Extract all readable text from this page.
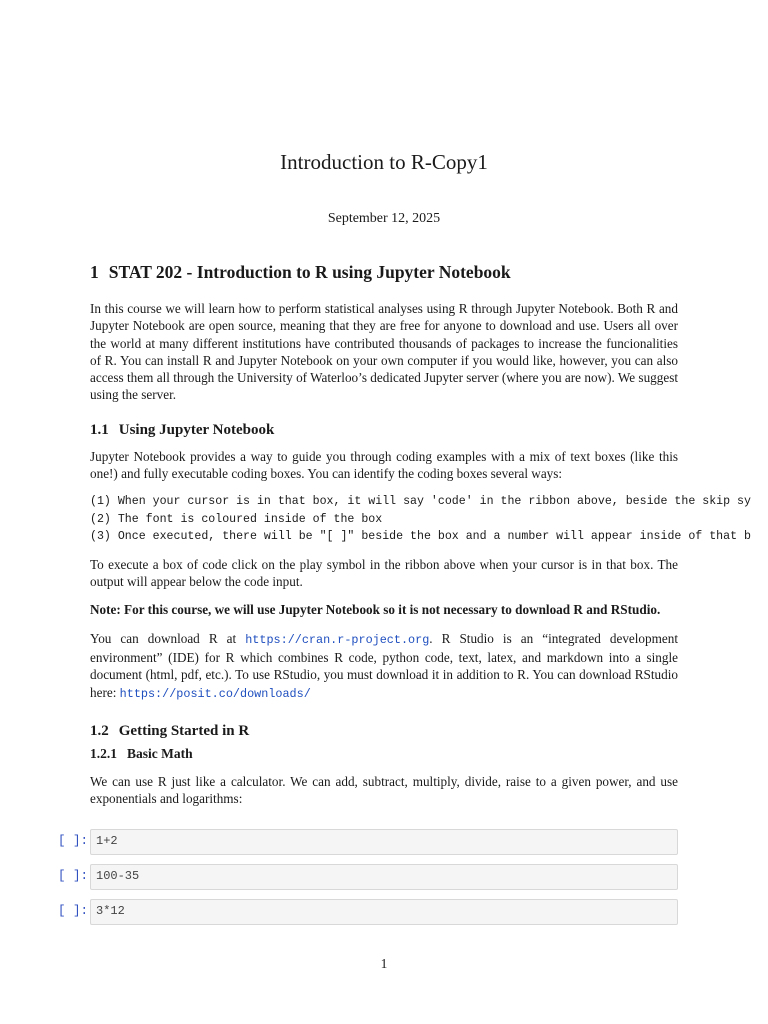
Introduction to R-Copy1
September 12, 2025
1 STAT 202 - Introduction to R using Jupyter Notebook

In this course we will learn how to perform statistical analyses using R through Jupyter Notebook. Both R and Jupyter Notebook are open source, meaning that they are free for anyone to download and use. Users all over the world at many different institutions have contributed thousands of packages to increase the funcionalities of R. You can install R and Jupyter Notebook on your own computer if you would like, however, you can also access them all through the University of Waterloo’s dedicated Jupyter server (where you are now). We suggest using the server.

1.1 Using Jupyter Notebook

Jupyter Notebook provides a way to guide you through coding examples with a mix of text boxes (like this one!) and fully executable coding boxes. You can identify the coding boxes several ways:

(1) When your cursor is in that box, it will say 'code' in the ribbon above, beside the skip sy
(2) The font is coloured inside of the box
(3) Once executed, there will be "[ ]" beside the box and a number will appear inside of that b

To execute a box of code click on the play symbol in the ribbon above when your cursor is in that box. The output will appear below the code input.

Note: For this course, we will use Jupyter Notebook so it is not necessary to download R and RStudio.

You can download R at https://cran.r-project.org. R Studio is an “integrated development environment” (IDE) for R which combines R code, python code, text, latex, and markdown into a single document (html, pdf, etc.). To use RStudio, you must download it in addition to R. You can download RStudio here: https://posit.co/downloads/

1.2 Getting Started in R
1.2.1 Basic Math

We can use R just like a calculator. We can add, subtract, multiply, divide, raise to a given power, and use exponentials and logarithms:

[ ]: 1+2
[ ]: 100-35
[ ]: 3*12
1
